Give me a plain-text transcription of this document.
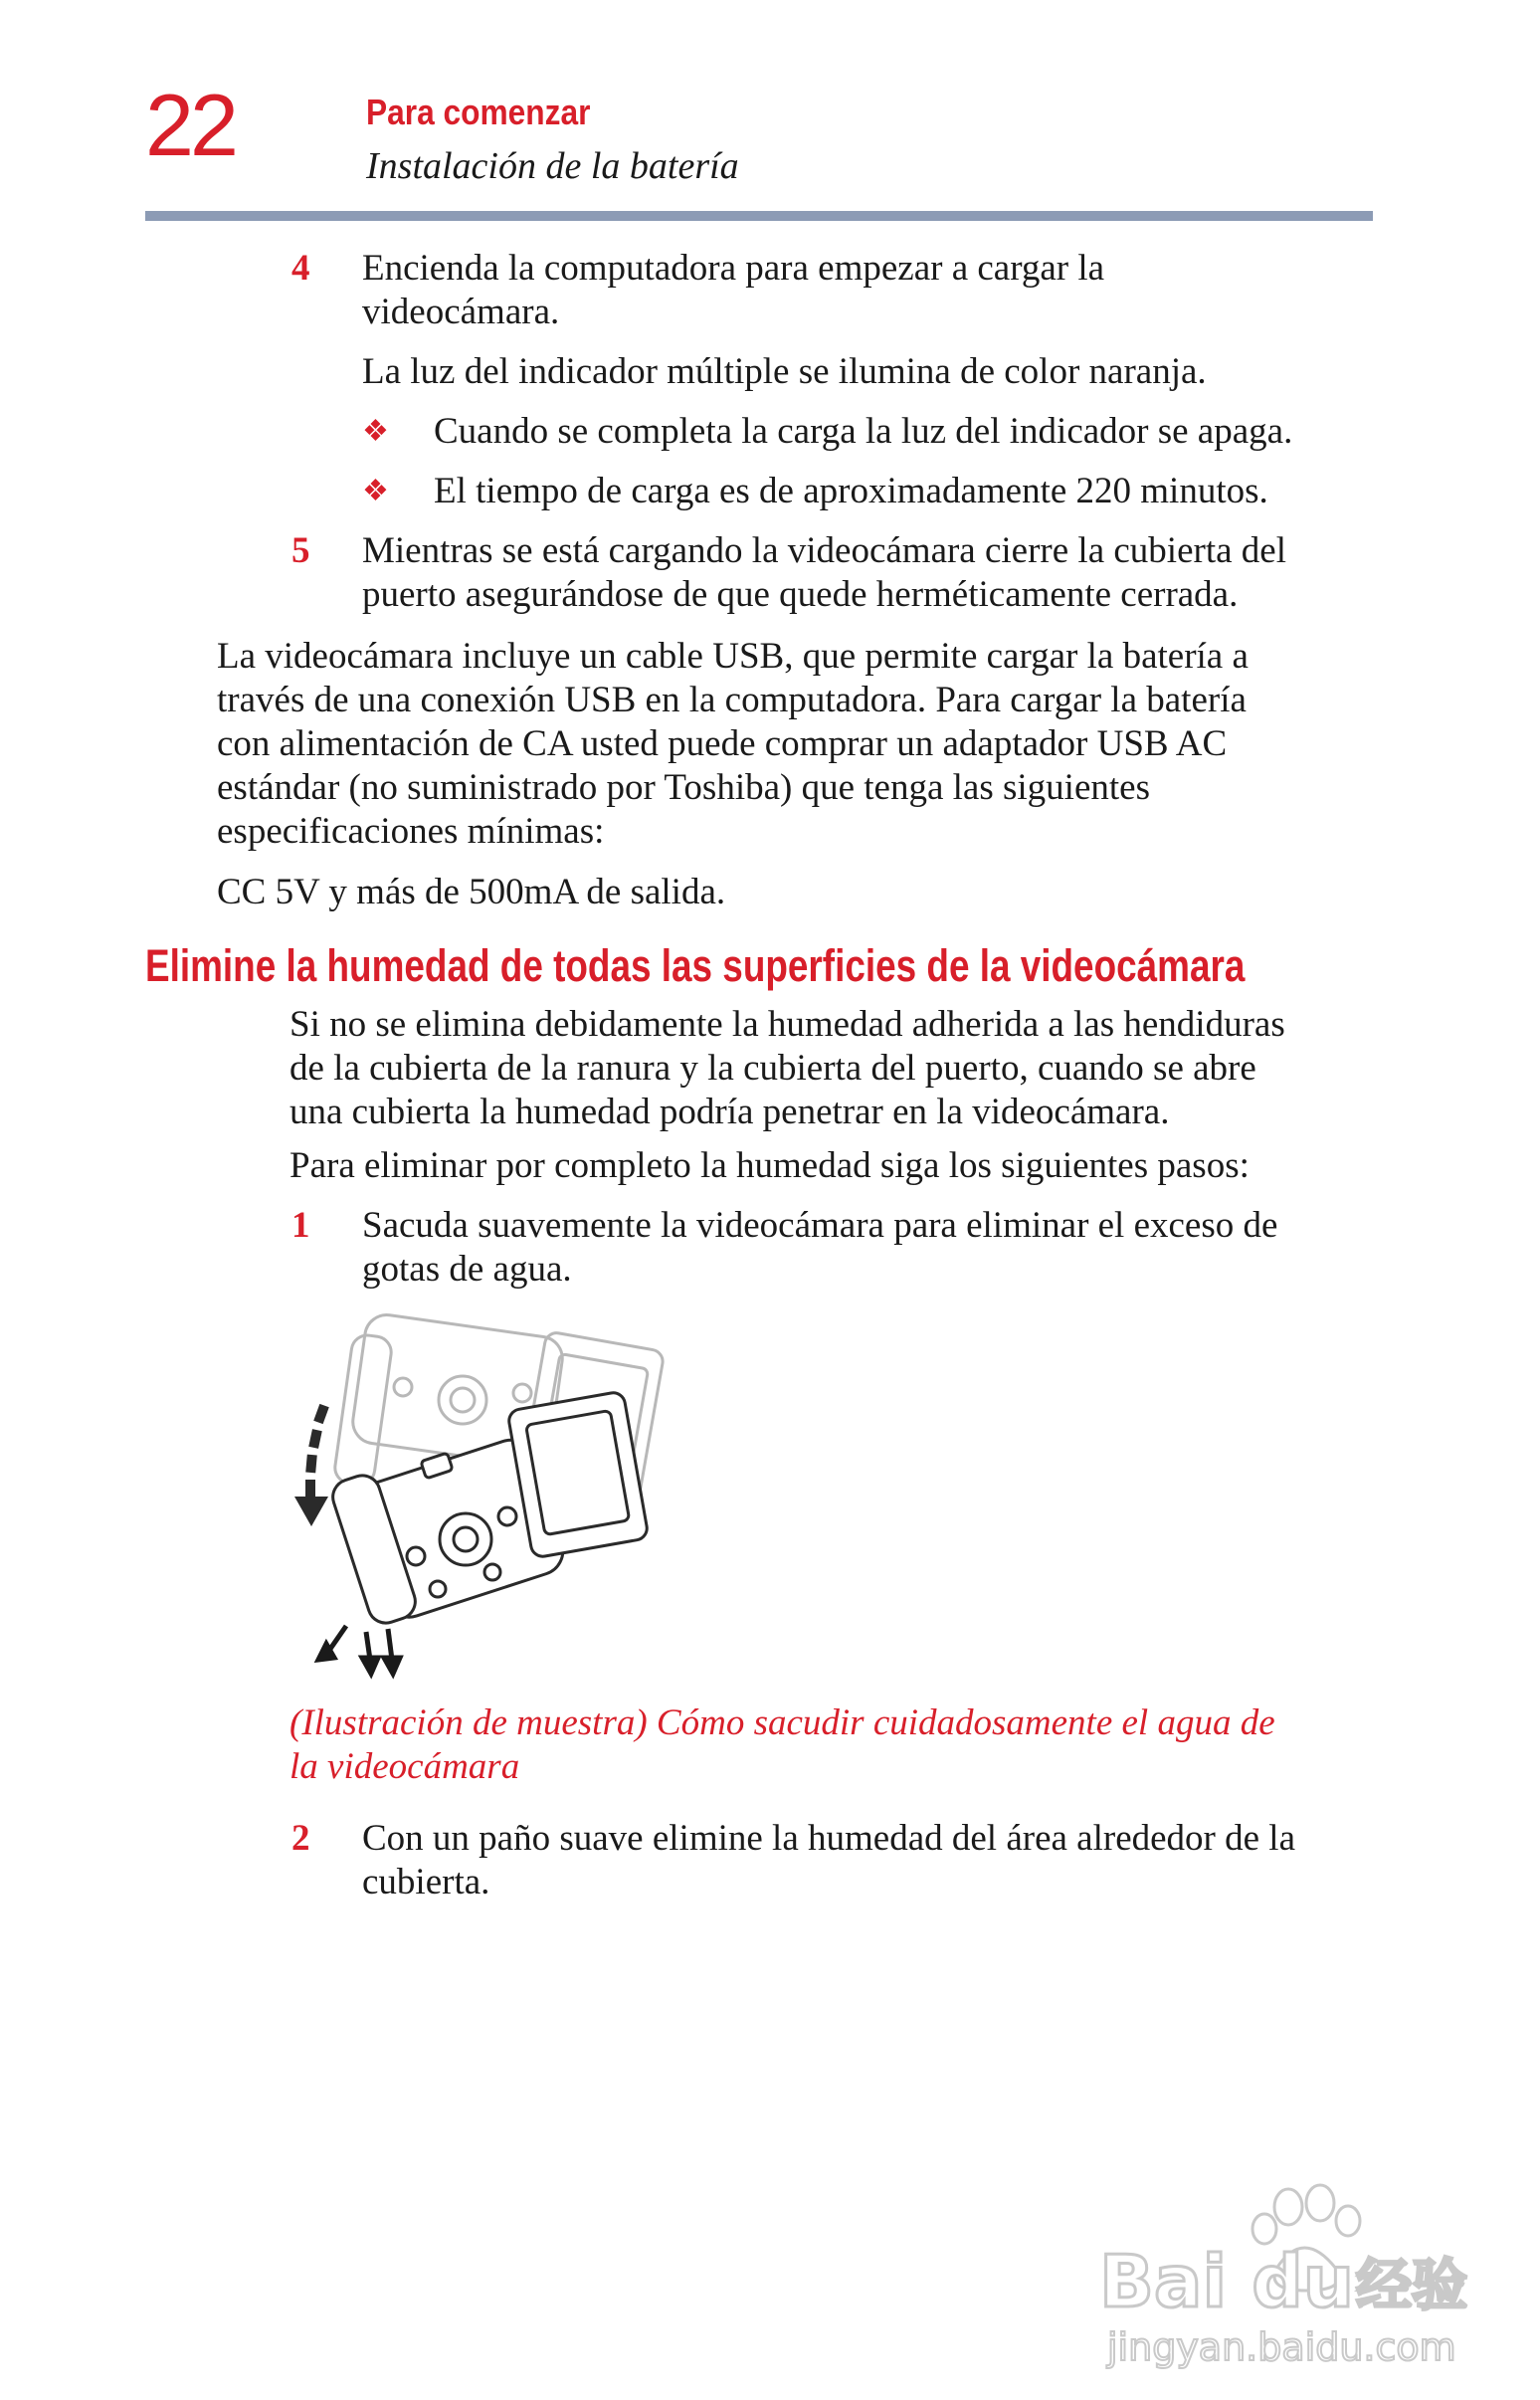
22	Para comenzar
Instalación de la batería
4 Encienda la computadora para empezar a cargar la
videocámara.
La luz del indicador múltiple se ilumina de color naranja.
❖ Cuando se completa la carga la luz del indicador se apaga.
❖ El tiempo de carga es de aproximadamente 220 minutos.
5 Mientras se está cargando la videocámara cierre la cubierta del
puerto asegurándose de que quede herméticamente cerrada.
La videocámara incluye un cable USB, que permite cargar la batería a
través de una conexión USB en la computadora. Para cargar la batería
con alimentación de CA usted puede comprar un adaptador USB AC
estándar (no suministrado por Toshiba) que tenga las siguientes
especificaciones mínimas:
CC 5V y más de 500mA de salida.
Elimine la humedad de todas las superficies de la videocámara
Si no se elimina debidamente la humedad adherida a las hendiduras
de la cubierta de la ranura y la cubierta del puerto, cuando se abre
una cubierta la humedad podría penetrar en la videocámara.
Para eliminar por completo la humedad siga los siguientes pasos:
1 Sacuda suavemente la videocámara para eliminar el exceso de
gotas de agua.
(Ilustración de muestra) Cómo sacudir cuidadosamente el agua de
la videocámara
2 Con un paño suave elimine la humedad del área alrededor de la
cubierta.
Bai du 经验
jingyan.baidu.com
